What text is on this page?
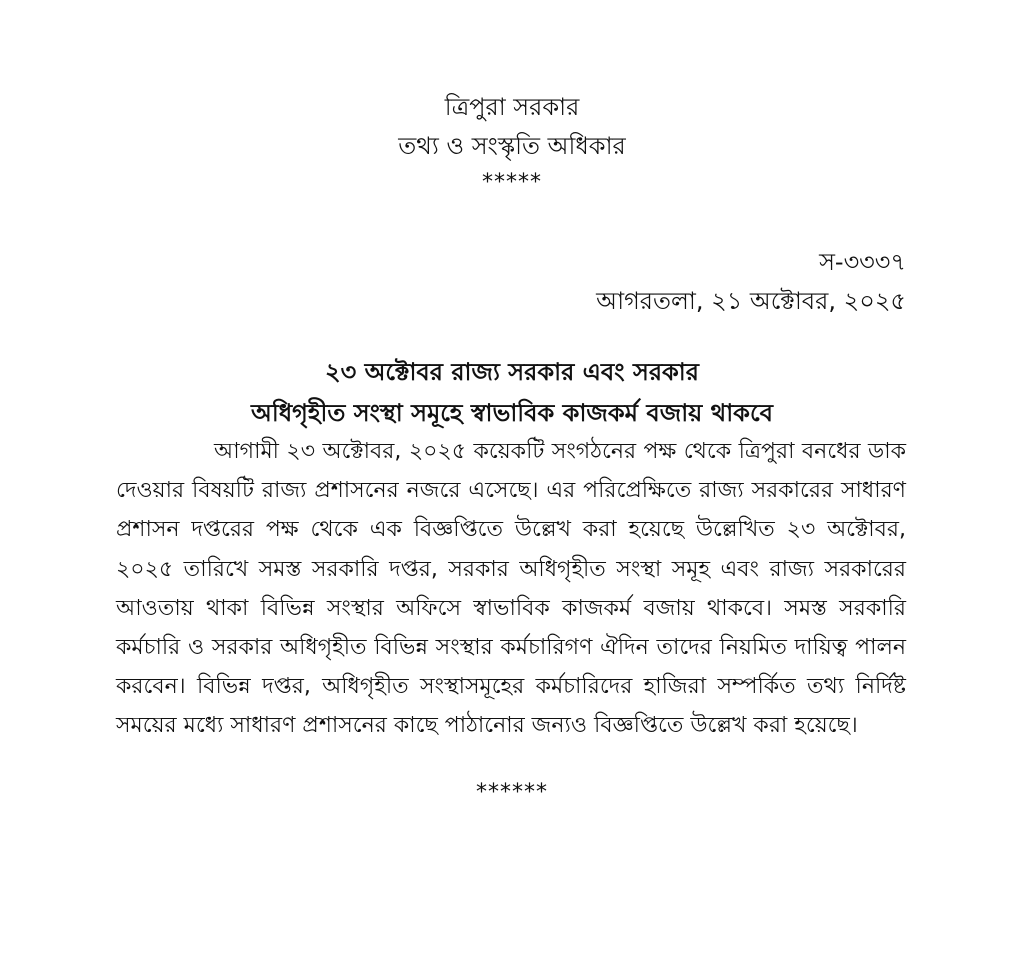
ত্রিপুরা সরকার
তথ্য ও সংস্কৃতি অধিকার
*****
স-৩৩৩৭
আগরতলা, ২১ অক্টোবর, ২০২৫
২৩ অক্টোবর রাজ্য সরকার এবং সরকার
অধিগৃহীত সংস্থা সমূহে স্বাভাবিক কাজকর্ম বজায় থাকবে
আগামী ২৩ অক্টোবর, ২০২৫ কয়েকটি সংগঠনের পক্ষ থেকে ত্রিপুরা বনধের ডাক দেওয়ার বিষয়টি রাজ্য প্রশাসনের নজরে এসেছে। এর পরিপ্রেক্ষিতে রাজ্য সরকারের সাধারণ প্রশাসন দপ্তরের পক্ষ থেকে এক বিজ্ঞপ্তিতে উল্লেখ করা হয়েছে উল্লেখিত ২৩ অক্টোবর, ২০২৫ তারিখে সমস্ত সরকারি দপ্তর, সরকার অধিগৃহীত সংস্থা সমূহ এবং রাজ্য সরকারের আওতায় থাকা বিভিন্ন সংস্থার অফিসে স্বাভাবিক কাজকর্ম বজায় থাকবে। সমস্ত সরকারি কর্মচারি ও সরকার অধিগৃহীত বিভিন্ন সংস্থার কর্মচারিগণ ঐদিন তাদের নিয়মিত দায়িত্ব পালন করবেন। বিভিন্ন দপ্তর, অধিগৃহীত সংস্থাসমূহের কর্মচারিদের হাজিরা সম্পর্কিত তথ্য নির্দিষ্ট সময়ের মধ্যে সাধারণ প্রশাসনের কাছে পাঠানোর জন্যও বিজ্ঞপ্তিতে উল্লেখ করা হয়েছে।
******
